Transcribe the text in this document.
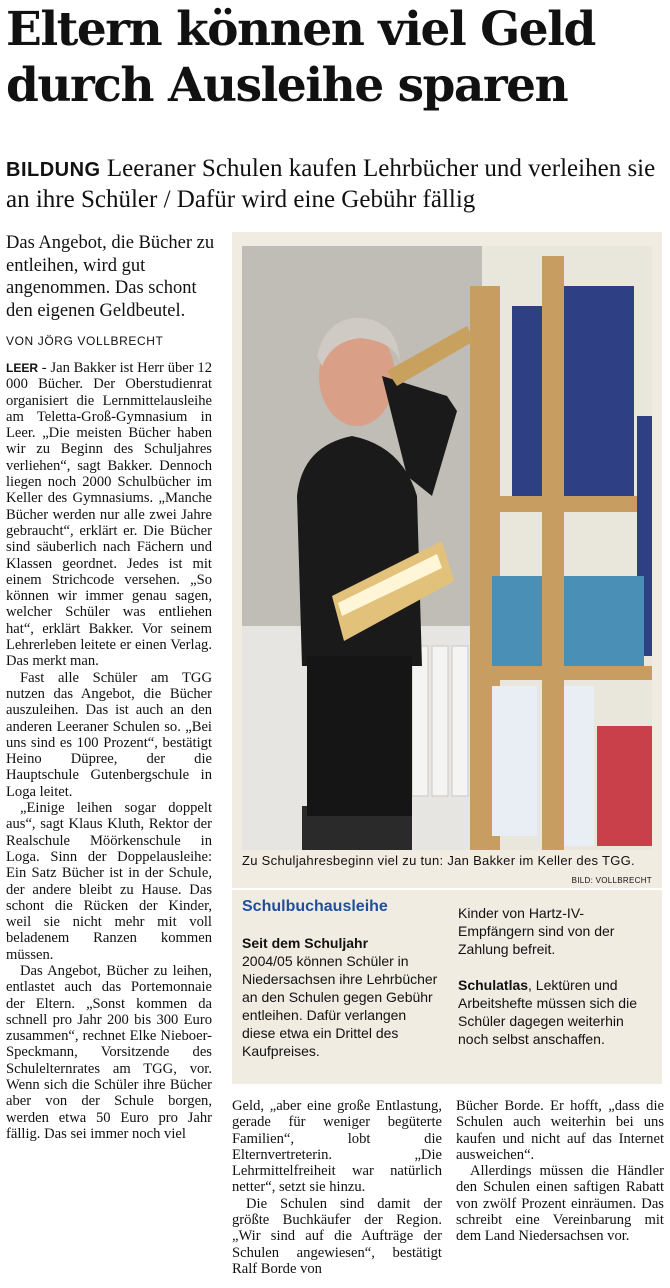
Eltern können viel Geld durch Ausleihe sparen

BILDUNG Leeraner Schulen kaufen Lehrbücher und verleihen sie an ihre Schüler / Dafür wird eine Gebühr fällig

Das Angebot, die Bücher zu entleihen, wird gut angenommen. Das schont den eigenen Geldbeutel.

VON JÖRG VOLLBRECHT

LEER - Jan Bakker ist Herr über 12 000 Bücher. Der Oberstudienrat organisiert die Lernmittelausleihe am Teletta-Groß-Gymnasium in Leer. „Die meisten Bücher haben wir zu Beginn des Schuljahres verliehen“, sagt Bakker. Dennoch liegen noch 2000 Schulbücher im Keller des Gymnasiums. „Manche Bücher werden nur alle zwei Jahre gebraucht“, erklärt er. Die Bücher sind säuberlich nach Fächern und Klassen geordnet. Jedes ist mit einem Strichcode versehen. „So können wir immer genau sagen, welcher Schüler was entliehen hat“, erklärt Bakker. Vor seinem Lehrerleben leitete er einen Verlag. Das merkt man.

Fast alle Schüler am TGG nutzen das Angebot, die Bücher auszuleihen. Das ist auch an den anderen Leeraner Schulen so. „Bei uns sind es 100 Prozent“, bestätigt Heino Düpree, der die Hauptschule Gutenbergschule in Loga leitet.

„Einige leihen sogar doppelt aus“, sagt Klaus Kluth, Rektor der Realschule Möörkenschule in Loga. Sinn der Doppelausleihe: Ein Satz Bücher ist in der Schule, der andere bleibt zu Hause. Das schont die Rücken der Kinder, weil sie nicht mehr mit voll beladenem Ranzen kommen müssen.

Das Angebot, Bücher zu leihen, entlastet auch das Portemonnaie der Eltern. „Sonst kommen da schnell pro Jahr 200 bis 300 Euro zusammen“, rechnet Elke Nieboer-Speckmann, Vorsitzende des Schulelternrates am TGG, vor. Wenn sich die Schüler ihre Bücher aber von der Schule borgen, werden etwa 50 Euro pro Jahr fällig. Das sei immer noch viel

Zu Schuljahresbeginn viel zu tun: Jan Bakker im Keller des TGG.
BILD: VOLLBRECHT
Schulbuchausleihe

Seit dem Schuljahr

2004/05 können Schüler in Niedersachsen ihre Lehrbücher an den Schulen gegen Gebühr entleihen. Dafür verlangen diese etwa ein Drittel des Kaufpreises.

Kinder von Hartz-IV-Empfängern sind von der Zahlung befreit.

Schulatlas, Lektüren und Arbeitshefte müssen sich die Schüler dagegen weiterhin noch selbst anschaffen.

Geld, „aber eine große Entlastung, gerade für weniger begüterte Familien“, lobt die Elternvertreterin. „Die Lehrmittelfreiheit war natürlich netter“, setzt sie hinzu.

Die Schulen sind damit der größte Buchkäufer der Region. „Wir sind auf die Aufträge der Schulen angewiesen“, bestätigt Ralf Borde von

Bücher Borde. Er hofft, „dass die Schulen auch weiterhin bei uns kaufen und nicht auf das Internet ausweichen“.

Allerdings müssen die Händler den Schulen einen saftigen Rabatt von zwölf Prozent einräumen. Das schreibt eine Vereinbarung mit dem Land Niedersachsen vor.
